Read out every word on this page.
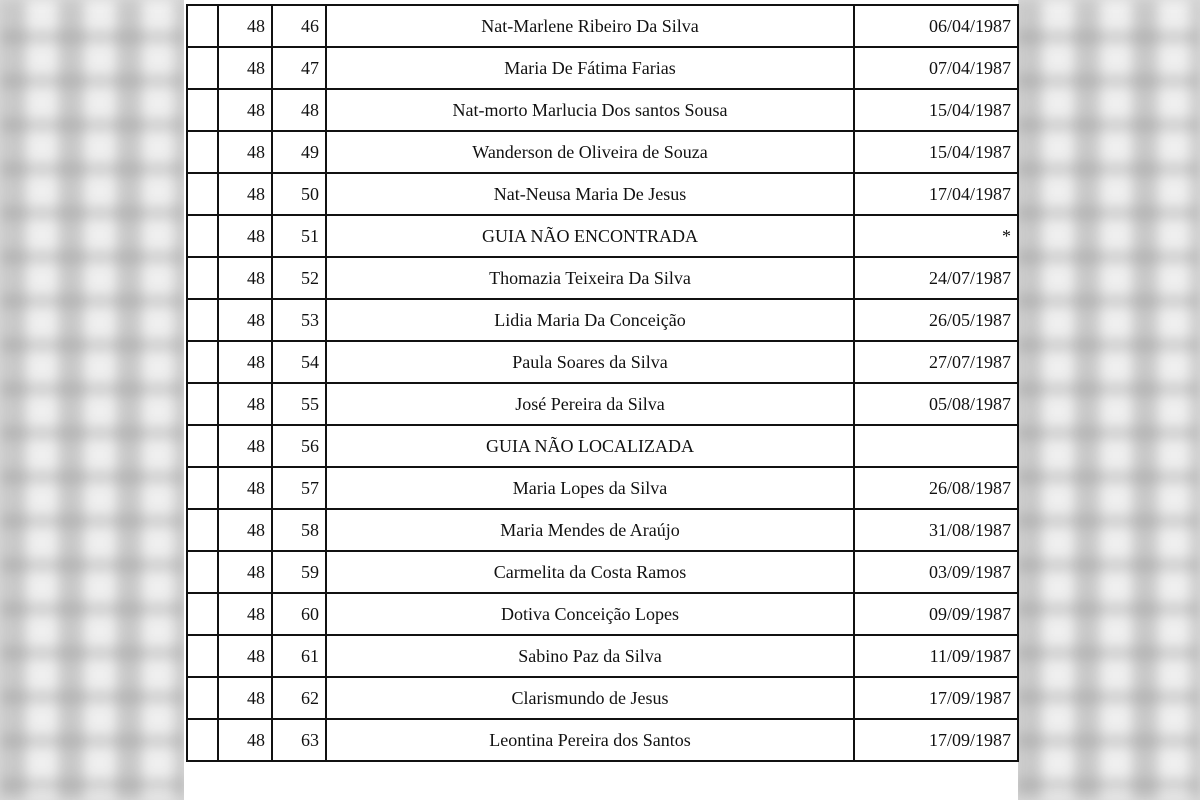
	48	46	Nat-Marlene Ribeiro Da Silva	06/04/1987
	48	47	Maria De Fátima Farias	07/04/1987
	48	48	Nat-morto Marlucia Dos santos Sousa	15/04/1987
	48	49	Wanderson de Oliveira de Souza	15/04/1987
	48	50	Nat-Neusa Maria De Jesus	17/04/1987
	48	51	GUIA NÃO ENCONTRADA	*
	48	52	Thomazia Teixeira Da Silva	24/07/1987
	48	53	Lidia Maria Da Conceição	26/05/1987
	48	54	Paula Soares da Silva	27/07/1987
	48	55	José Pereira da Silva	05/08/1987
	48	56	GUIA NÃO LOCALIZADA	
	48	57	Maria Lopes da Silva	26/08/1987
	48	58	Maria Mendes de Araújo	31/08/1987
	48	59	Carmelita da Costa Ramos	03/09/1987
	48	60	Dotiva Conceição Lopes	09/09/1987
	48	61	Sabino Paz da Silva	11/09/1987
	48	62	Clarismundo de Jesus	17/09/1987
	48	63	Leontina Pereira dos Santos	17/09/1987
